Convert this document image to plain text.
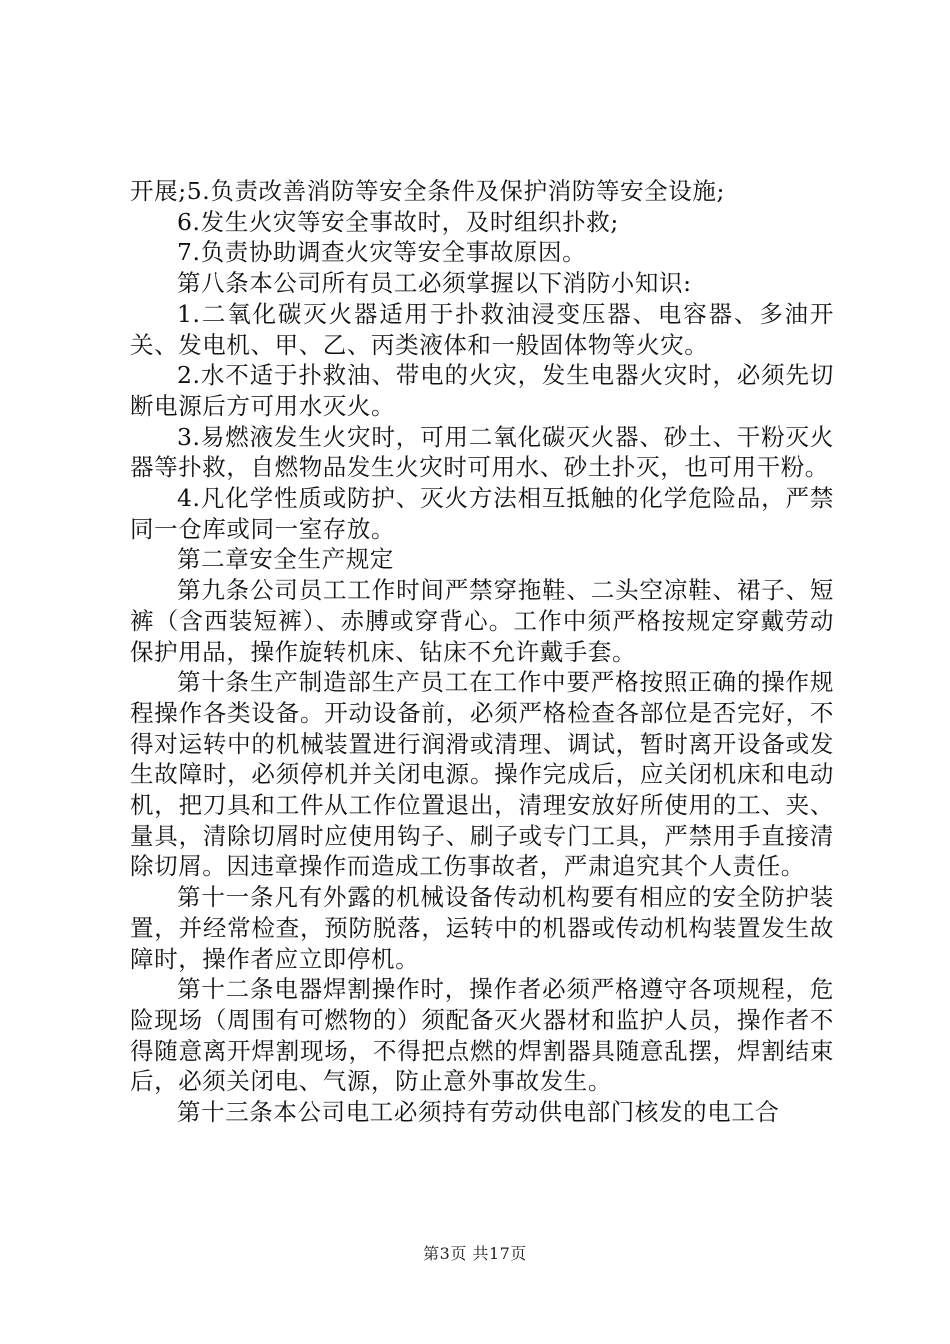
开展;5.负责改善消防等安全条件及保护消防等安全设施;

6.发生火灾等安全事故时，及时组织扑救;

7.负责协助调查火灾等安全事故原因。

第八条本公司所有员工必须掌握以下消防小知识:

1.二氧化碳灭火器适用于扑救油浸变压器、电容器、多油开关、发电机、甲、乙、丙类液体和一般固体物等火灾。

2.水不适于扑救油、带电的火灾，发生电器火灾时，必须先切断电源后方可用水灭火。

3.易燃液发生火灾时，可用二氧化碳灭火器、砂土、干粉灭火器等扑救，自燃物品发生火灾时可用水、砂土扑灭，也可用干粉。

4.凡化学性质或防护、灭火方法相互抵触的化学危险品，严禁同一仓库或同一室存放。

第二章安全生产规定

第九条公司员工工作时间严禁穿拖鞋、二头空凉鞋、裙子、短裤（含西装短裤）、赤膊或穿背心。工作中须严格按规定穿戴劳动保护用品，操作旋转机床、钻床不允许戴手套。

第十条生产制造部生产员工在工作中要严格按照正确的操作规程操作各类设备。开动设备前，必须严格检查各部位是否完好，不得对运转中的机械装置进行润滑或清理、调试，暂时离开设备或发生故障时，必须停机并关闭电源。操作完成后，应关闭机床和电动机，把刀具和工件从工作位置退出，清理安放好所使用的工、夹、量具，清除切屑时应使用钩子、刷子或专门工具，严禁用手直接清除切屑。因违章操作而造成工伤事故者，严肃追究其个人责任。

第十一条凡有外露的机械设备传动机构要有相应的安全防护装置，并经常检查，预防脱落，运转中的机器或传动机构装置发生故障时，操作者应立即停机。

第十二条电器焊割操作时，操作者必须严格遵守各项规程，危险现场（周围有可燃物的）须配备灭火器材和监护人员，操作者不得随意离开焊割现场，不得把点燃的焊割器具随意乱摆，焊割结束后，必须关闭电、气源，防止意外事故发生。

第十三条本公司电工必须持有劳动供电部门核发的电工合

第3页 共17页
